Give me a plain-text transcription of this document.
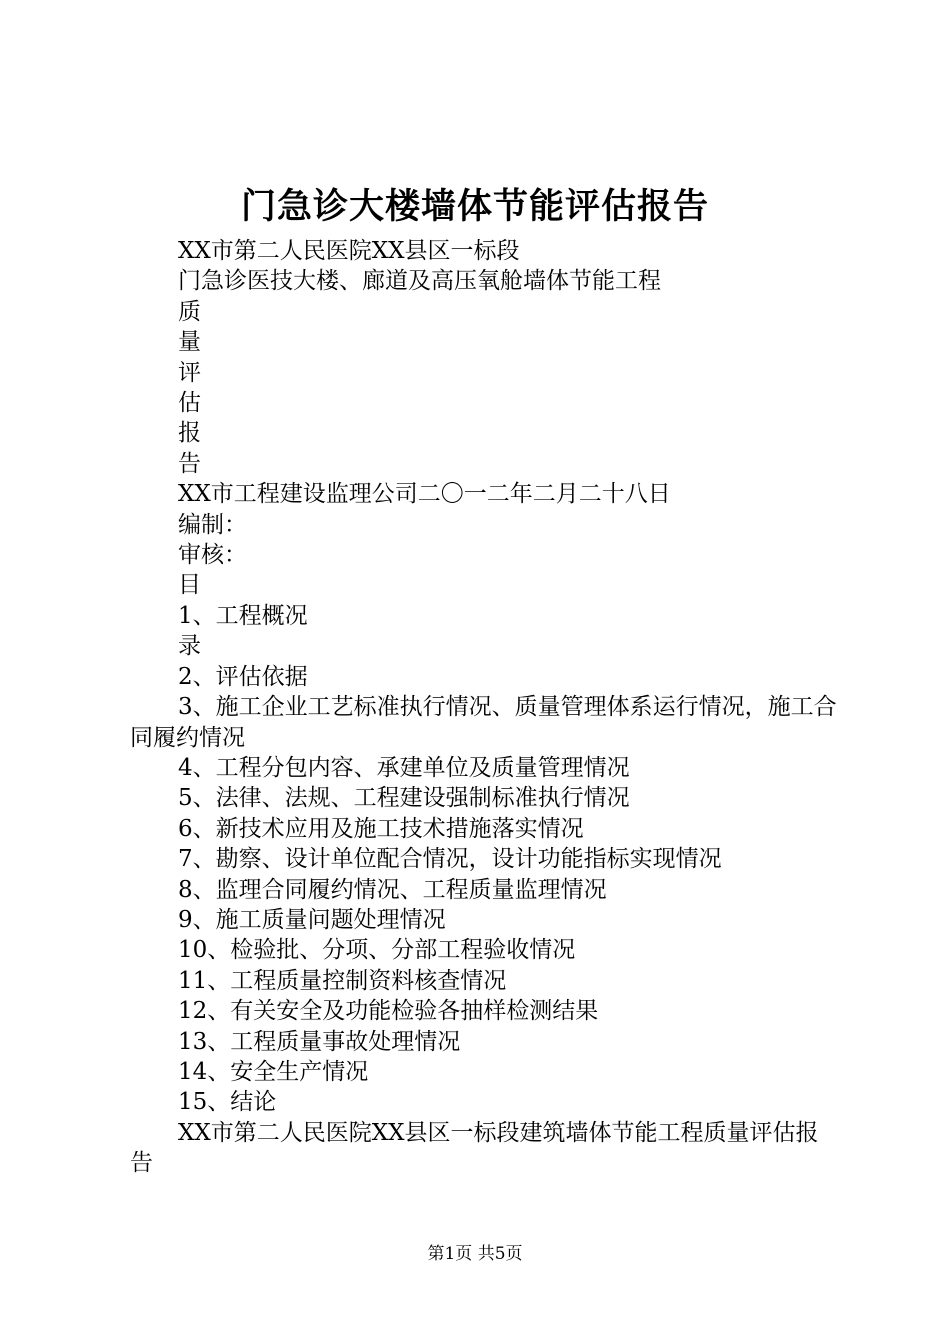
门急诊大楼墙体节能评估报告

XX市第二人民医院XX县区一标段

门急诊医技大楼、廊道及高压氧舱墙体节能工程

质

量

评

估

报

告

XX市工程建设监理公司二〇一二年二月二十八日

编制：

审核：

目

1、工程概况

录

2、评估依据

3、施工企业工艺标准执行情况、质量管理体系运行情况，施工合同履约情况

4、工程分包内容、承建单位及质量管理情况

5、法律、法规、工程建设强制标准执行情况

6、新技术应用及施工技术措施落实情况

7、勘察、设计单位配合情况，设计功能指标实现情况

8、监理合同履约情况、工程质量监理情况

9、施工质量问题处理情况

10、检验批、分项、分部工程验收情况

11、工程质量控制资料核查情况

12、有关安全及功能检验各抽样检测结果

13、工程质量事故处理情况

14、安全生产情况

15、结论

XX市第二人民医院XX县区一标段建筑墙体节能工程质量评估报告

第1页 共5页
